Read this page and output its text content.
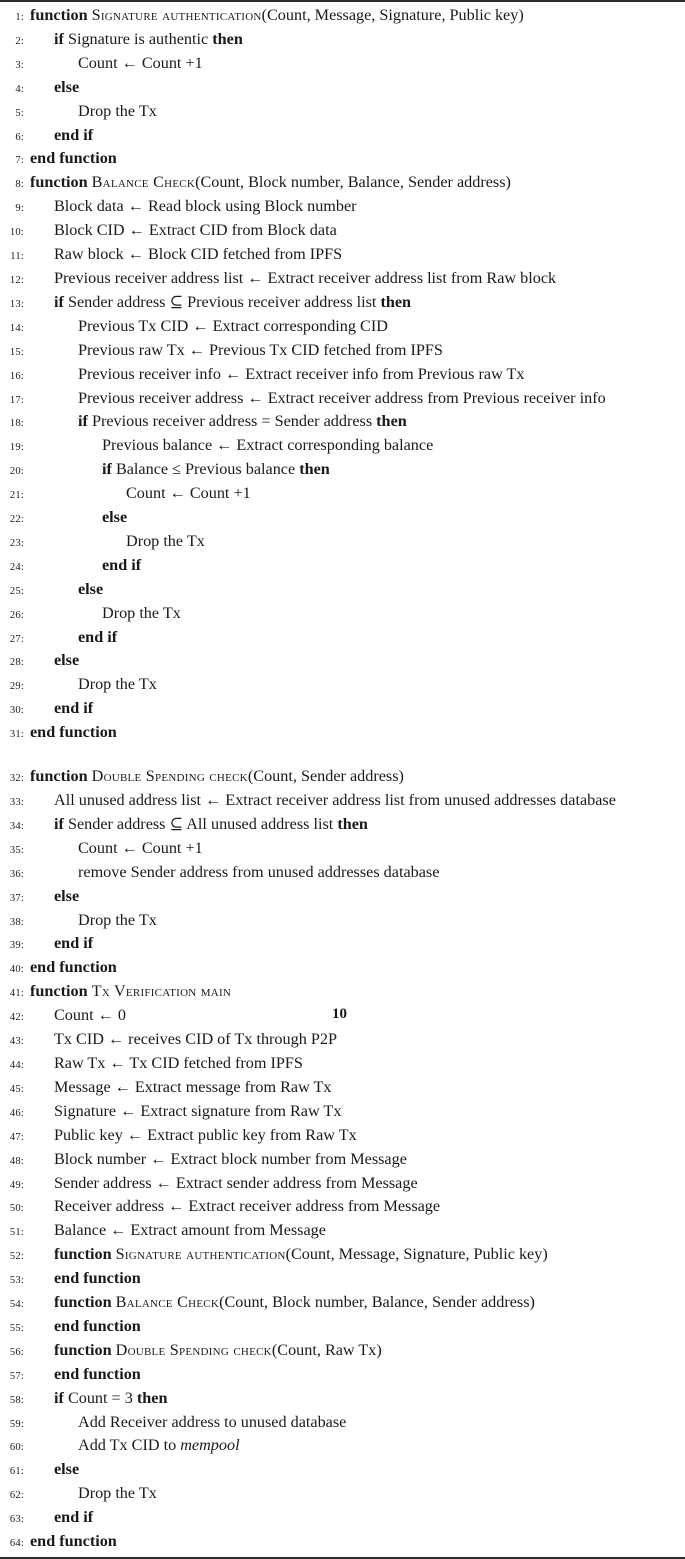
1: function Signature authentication(Count, Message, Signature, Public key)
2:	if Signature is authentic then
3:	Count ← Count +1
4:	else
5:	Drop the Tx
6:	end if
7: end function
8: function Balance Check(Count, Block number, Balance, Sender address)
9:	Block data ← Read block using Block number
10:	Block CID ← Extract CID from Block data
11:	Raw block ← Block CID fetched from IPFS
12:	Previous receiver address list ← Extract receiver address list from Raw block
13:	if Sender address ⊆ Previous receiver address list then
14:	Previous Tx CID ← Extract corresponding CID
15:	Previous raw Tx ← Previous Tx CID fetched from IPFS
16:	Previous receiver info ← Extract receiver info from Previous raw Tx
17:	Previous receiver address ← Extract receiver address from Previous receiver info
18:	if Previous receiver address = Sender address then
19:	Previous balance ← Extract corresponding balance
20:	if Balance ≤ Previous balance then
21:	Count ← Count +1
22:	else
23:	Drop the Tx
24:	end if
25:	else
26:	Drop the Tx
27:	end if
28:	else
29:	Drop the Tx
30:	end if
31: end function
32: function Double Spending check(Count, Sender address)
33:	All unused address list ← Extract receiver address list from unused addresses database
34:	if Sender address ⊆ All unused address list then
35:	Count ← Count +1
36:	remove Sender address from unused addresses database
37:	else
38:	Drop the Tx
39:	end if
40: end function
41: function Tx Verification main
42:	Count ← 0
43:	Tx CID ← receives CID of Tx through P2P
44:	Raw Tx ← Tx CID fetched from IPFS
45:	Message ← Extract message from Raw Tx
46:	Signature ← Extract signature from Raw Tx
47:	Public key ← Extract public key from Raw Tx
48:	Block number ← Extract block number from Message
49:	Sender address ← Extract sender address from Message
50:	Receiver address ← Extract receiver address from Message
51:	Balance ← Extract amount from Message
52:	function Signature authentication(Count, Message, Signature, Public key)
53:	end function
54:	function Balance Check(Count, Block number, Balance, Sender address)
55:	end function
56:	function Double Spending check(Count, Raw Tx)
57:	end function
58:	if Count = 3 then
59:	Add Receiver address to unused database
60:	Add Tx CID to mempool
61:	else
62:	Drop the Tx
63:	end if
64: end function
10
